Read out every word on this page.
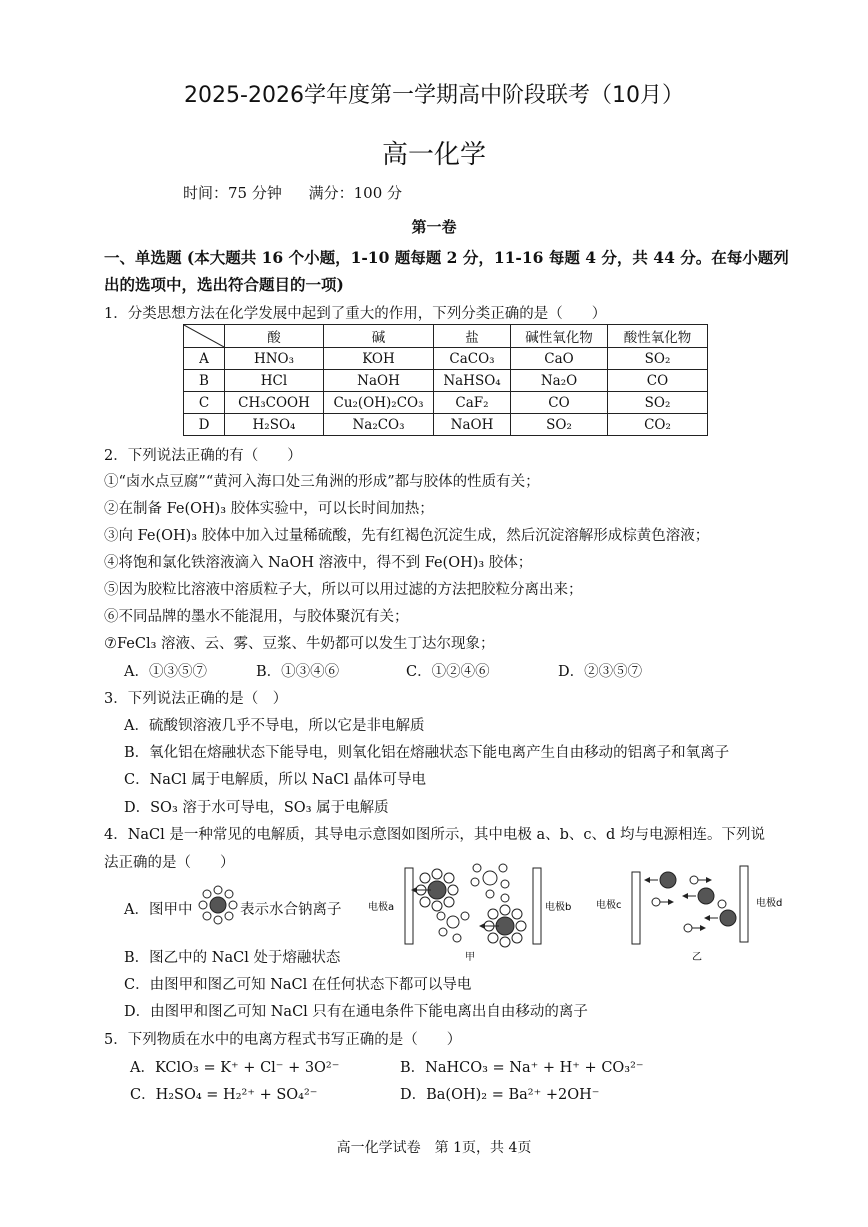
2025-2026学年度第一学期高中阶段联考（10月）
高一化学
时间：75 分钟 满分：100 分
第一卷
一、单选题 (本大题共 16 个小题，1-10 题每题 2 分，11-16 每题 4 分，共 44 分。在每小题列出的选项中，选出符合题目的一项)
1．分类思想方法在化学发展中起到了重大的作用，下列分类正确的是（　　）
	酸	碱	盐	碱性氧化物	酸性氧化物
A	HNO₃	KOH	CaCO₃	CaO	SO₂
B	HCl	NaOH	NaHSO₄	Na₂O	CO
C	CH₃COOH	Cu₂(OH)₂CO₃	CaF₂	CO	SO₂
D	H₂SO₄	Na₂CO₃	NaOH	SO₂	CO₂
2．下列说法正确的有（　　）
①“卤水点豆腐”“黄河入海口处三角洲的形成”都与胶体的性质有关；
②在制备 Fe(OH)₃ 胶体实验中，可以长时间加热；
③向 Fe(OH)₃ 胶体中加入过量稀硫酸，先有红褐色沉淀生成，然后沉淀溶解形成棕黄色溶液；
④将饱和氯化铁溶液滴入 NaOH 溶液中，得不到 Fe(OH)₃ 胶体；
⑤因为胶粒比溶液中溶质粒子大，所以可以用过滤的方法把胶粒分离出来；
⑥不同品牌的墨水不能混用，与胶体聚沉有关；
⑦FeCl₃ 溶液、云、雾、豆浆、牛奶都可以发生丁达尔现象；
A．①③⑤⑦	B．①③④⑥	C．①②④⑥	D．②③⑤⑦
3．下列说法正确的是（　）
A．硫酸钡溶液几乎不导电，所以它是非电解质
B．氧化铝在熔融状态下能导电，则氧化铝在熔融状态下能电离产生自由移动的铝离子和氧离子
C．NaCl 属于电解质，所以 NaCl 晶体可导电
D．SO₃ 溶于水可导电，SO₃ 属于电解质
4．NaCl 是一种常见的电解质，其导电示意图如图所示，其中电极 a、b、c、d 均与电源相连。下列说
法正确的是（　　）
A．图甲中	表示水合钠离子	电极a	电极b
甲
电极c	电极d
乙
B．图乙中的 NaCl 处于熔融状态
C．由图甲和图乙可知 NaCl 在任何状态下都可以导电
D．由图甲和图乙可知 NaCl 只有在通电条件下能电离出自由移动的离子
5．下列物质在水中的电离方程式书写正确的是（　　）
A．KClO₃ = K⁺ + Cl⁻ + 3O²⁻	B．NaHCO₃ = Na⁺ + H⁺ + CO₃²⁻
C．H₂SO₄ = H₂²⁺ + SO₄²⁻	D．Ba(OH)₂ = Ba²⁺ +2OH⁻
高一化学试卷　第 1页，共 4页
